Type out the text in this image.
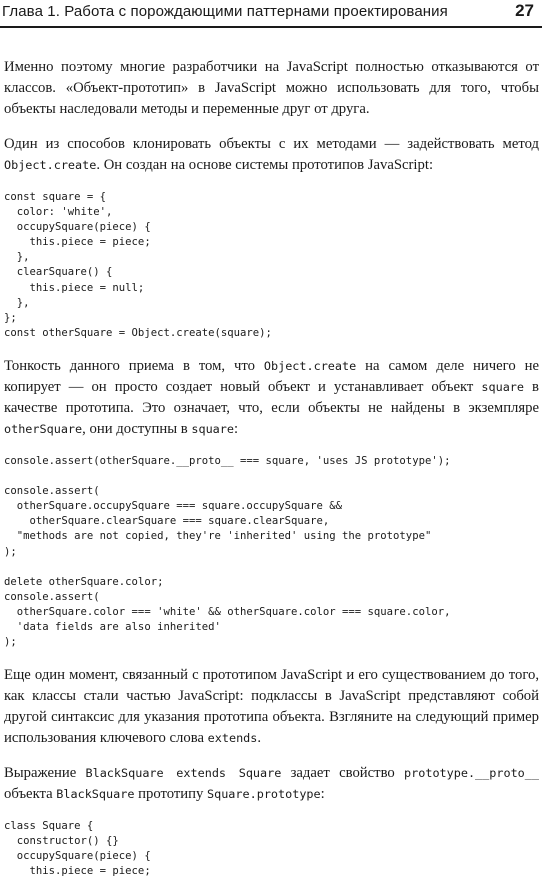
Глава 1. Работа с порождающими паттернами проектирования	27

Именно поэтому многие разработчики на JavaScript полностью отказываются от классов. «Объект-прототип» в JavaScript можно использовать для того, чтобы объекты наследовали методы и переменные друг от друга.

Один из способов клонировать объекты с их методами — задействовать метод Object.create. Он создан на основе системы прототипов JavaScript:

const square = {
color: 'white',
occupySquare(piece) {
this.piece = piece;
},
clearSquare() {
this.piece = null;
},
};
const otherSquare = Object.create(square);

Тонкость данного приема в том, что Object.create на самом деле ничего не копирует — он просто создает новый объект и устанавливает объект square в качестве прототипа. Это означает, что, если объекты не найдены в экземпляре otherSquare, они доступны в square:

console.assert(otherSquare.__proto__ === square, 'uses JS prototype');

console.assert(
otherSquare.occupySquare === square.occupySquare &&
otherSquare.clearSquare === square.clearSquare,
"methods are not copied, they're 'inherited' using the prototype"
);

delete otherSquare.color;
console.assert(
otherSquare.color === 'white' && otherSquare.color === square.color,
'data fields are also inherited'
);

Еще один момент, связанный с прототипом JavaScript и его существованием до того, как классы стали частью JavaScript: подклассы в JavaScript представляют собой другой синтаксис для указания прототипа объекта. Взгляните на следующий пример использования ключевого слова extends.

Выражение BlackSquare extends Square задает свойство prototype.__proto__ объекта BlackSquare прототипу Square.prototype:

class Square {
constructor() {}
occupySquare(piece) {
this.piece = piece;
